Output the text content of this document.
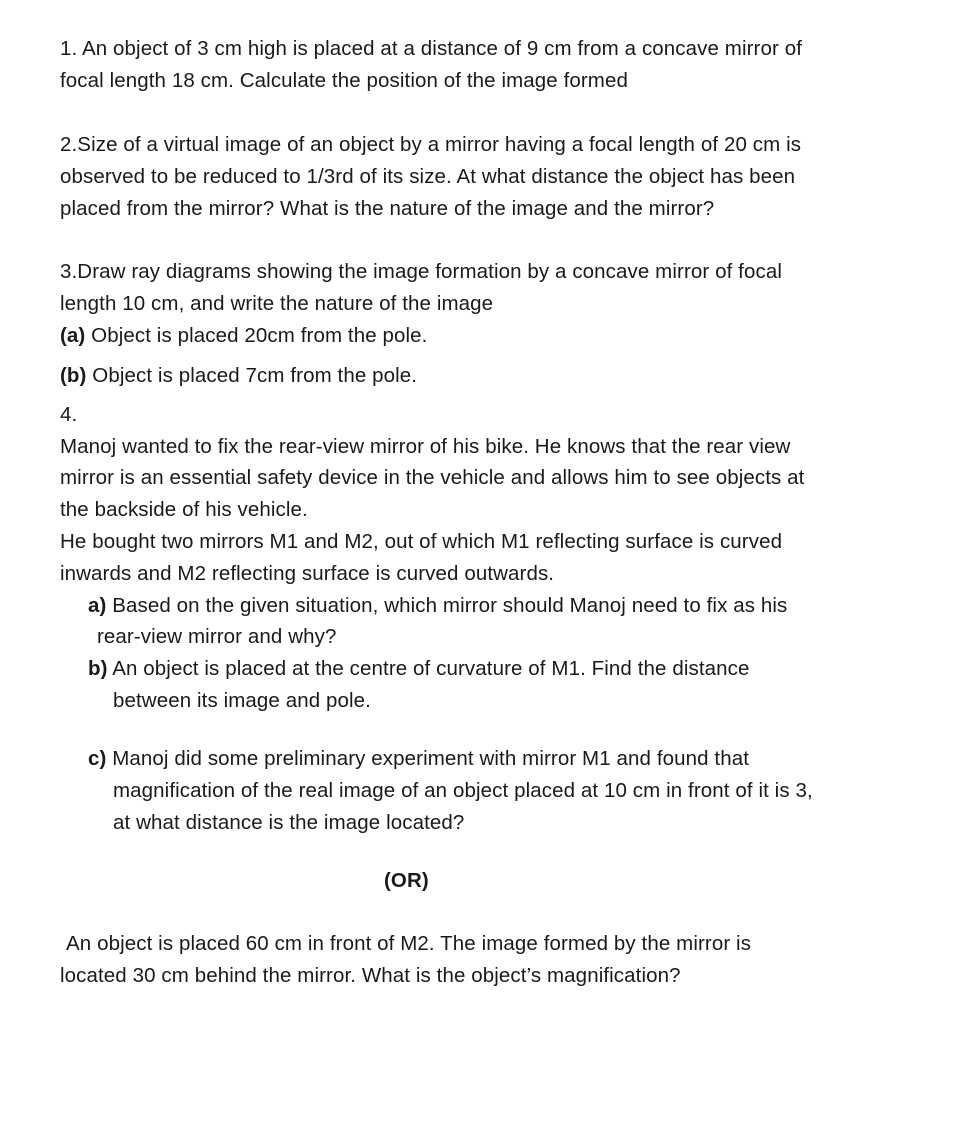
1. An object of 3 cm high is placed at a distance of 9 cm from a concave mirror of

focal length 18 cm. Calculate the position of the image formed

2.Size of a virtual image of an object by a mirror having a focal length of 20 cm is

observed to be reduced to 1/3rd of its size. At what distance the object has been

placed from the mirror? What is the nature of the image and the mirror?

3.Draw ray diagrams showing the image formation by a concave mirror of focal

length 10 cm, and write the nature of the image

(a) Object is placed 20cm from the pole.

(b) Object is placed 7cm from the pole.

4.

Manoj wanted to fix the rear-view mirror of his bike. He knows that the rear view

mirror is an essential safety device in the vehicle and allows him to see objects at

the backside of his vehicle.

He bought two mirrors M1 and M2, out of which M1 reflecting surface is curved

inwards and M2 reflecting surface is curved outwards.

a) Based on the given situation, which mirror should Manoj need to fix as his

rear-view mirror and why?

b) An object is placed at the centre of curvature of M1. Find the distance

between its image and pole.

c) Manoj did some preliminary experiment with mirror M1 and found that

magnification of the real image of an object placed at 10 cm in front of it is 3,

at what distance is the image located?

(OR)

An object is placed 60 cm in front of M2. The image formed by the mirror is

located 30 cm behind the mirror. What is the object’s magnification?
